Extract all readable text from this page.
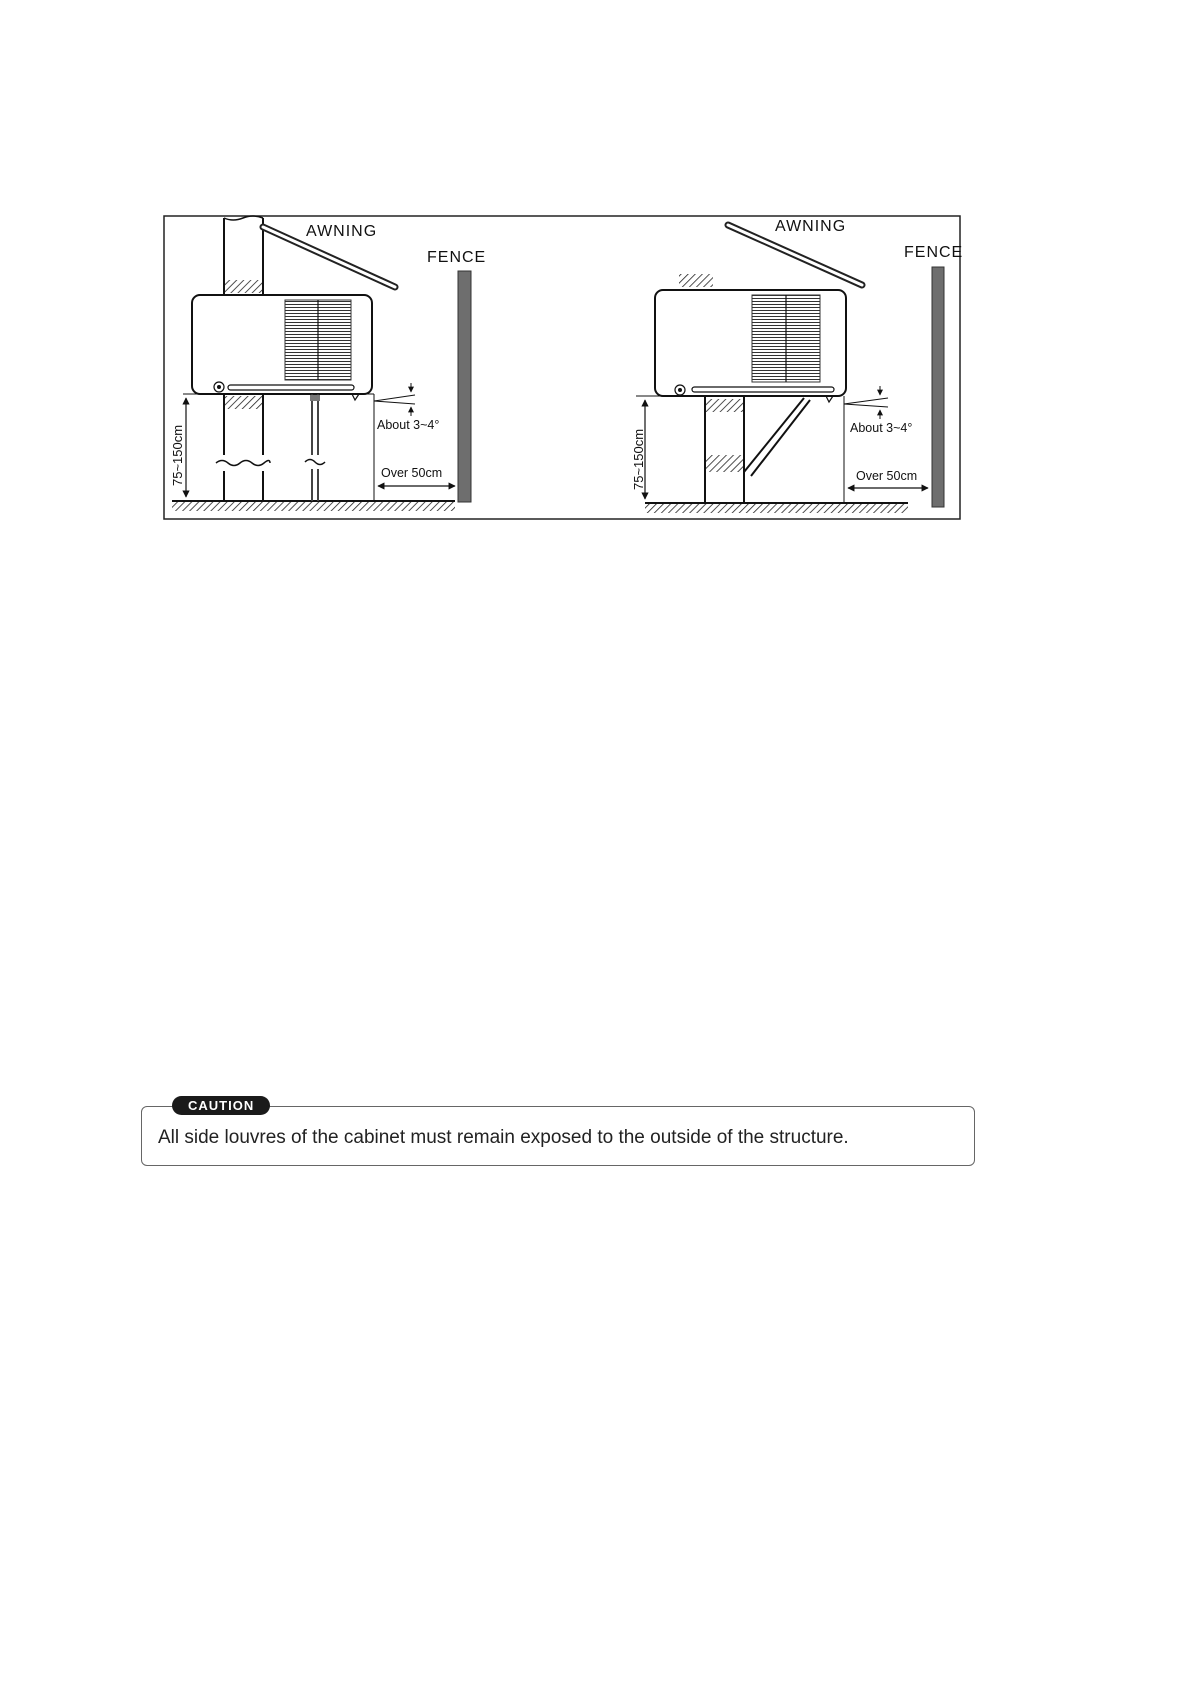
AWNING
FENCE
About 3~4°
Over 50cm
75~150cm
AWNING
FENCE
About 3~4°
Over 50cm
75~150cm
CAUTION
All side louvres of the cabinet must remain exposed to the outside of the structure.
